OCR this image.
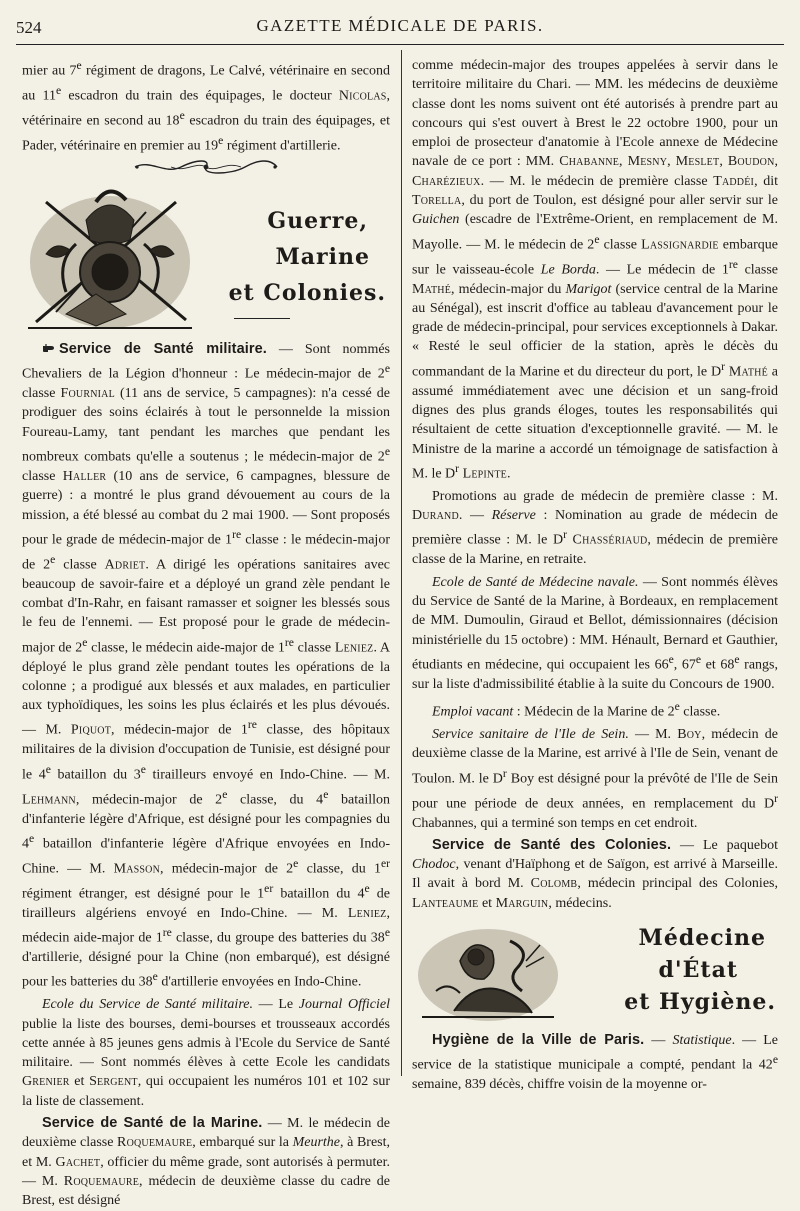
524	GAZETTE MÉDICALE DE PARIS.

mier au 7e régiment de dragons, Le Calvé, vétérinaire en second au 11e escadron du train des équipages, le docteur Nicolas, vétérinaire en second au 18e escadron du train des équipages, et Pader, vétérinaire en premier au 19e régiment d'artillerie.

Guerre,
Marine
et Colonies.

Service de Santé militaire. — Sont nommés Chevaliers de la Légion d'honneur : Le médecin-major de 2e classe Fournial (11 ans de service, 5 campagnes): n'a cessé de prodiguer des soins éclairés à tout le personnelde la mission Foureau-Lamy, tant pendant les marches que pendant les nombreux combats qu'elle a soutenus ; le médecin-major de 2e classe Haller (10 ans de service, 6 campagnes, blessure de guerre) : a montré le plus grand dévouement au cours de la mission, a été blessé au combat du 2 mai 1900. — Sont proposés pour le grade de médecin-major de 1re classe : le médecin-major de 2e classe Adriet. A dirigé les opérations sanitaires avec beaucoup de savoir-faire et a déployé un grand zèle pendant le combat d'In-Rahr, en faisant ramasser et soigner les blessés sous le feu de l'ennemi. — Est proposé pour le grade de médecin-major de 2e classe, le médecin aide-major de 1re classe Leniez. A déployé le plus grand zèle pendant toutes les opérations de la colonne ; a prodigué aux blessés et aux malades, en particulier aux typhoïdiques, les soins les plus éclairés et les plus dévoués. — M. Piquot, médecin-major de 1re classe, des hôpitaux militaires de la division d'occupation de Tunisie, est désigné pour le 4e bataillon du 3e tirailleurs envoyé en Indo-Chine. — M. Lehmann, médecin-major de 2e classe, du 4e bataillon d'infanterie légère d'Afrique, est désigné pour les compagnies du 4e bataillon d'infanterie légère d'Afrique envoyées en Indo-Chine. — M. Masson, médecin-major de 2e classe, du 1er régiment étranger, est désigné pour le 1er bataillon du 4e de tirailleurs algériens envoyé en Indo-Chine. — M. Leniez, médecin aide-major de 1re classe, du groupe des batteries du 38e d'artillerie, désigné pour la Chine (non embarqué), est désigné pour les batteries du 38e d'artillerie envoyées en Indo-Chine.

Ecole du Service de Santé militaire. — Le Journal Officiel publie la liste des bourses, demi-bourses et trousseaux accordés cette année à 85 jeunes gens admis à l'Ecole du Service de Santé militaire. — Sont nommés élèves à cette Ecole les candidats Grenier et Sergent, qui occupaient les numéros 101 et 102 sur la liste de classement.

Service de Santé de la Marine. — M. le médecin de deuxième classe Roquemaure, embarqué sur la Meurthe, à Brest, et M. Gachet, officier du même grade, sont autorisés à permuter. — M. Roquemaure, médecin de deuxième classe du cadre de Brest, est désigné

comme médecin-major des troupes appelées à servir dans le territoire militaire du Chari. — MM. les médecins de deuxième classe dont les noms suivent ont été autorisés à prendre part au concours qui s'est ouvert à Brest le 22 octobre 1900, pour un emploi de prosecteur d'anatomie à l'Ecole annexe de Médecine navale de ce port : MM. Chabanne, Mesny, Meslet, Boudon, Charézieux. — M. le médecin de première classe Taddéi, dit Torella, du port de Toulon, est désigné pour aller servir sur le Guichen (escadre de l'Extrême-Orient, en remplacement de M. Mayolle. — M. le médecin de 2e classe Lassignardie embarque sur le vaisseau-école Le Borda. — Le médecin de 1re classe Mathé, médecin-major du Marigot (service central de la Marine au Sénégal), est inscrit d'office au tableau d'avancement pour le grade de médecin-principal, pour services exceptionnels à Dakar. « Resté le seul officier de la station, après le décès du commandant de la Marine et du directeur du port, le $D^r$ Mathé a assumé immédiatement avec une décision et un sang-froid dignes des plus grands éloges, toutes les responsabilités qui résultaient de cette situation d'exceptionnelle gravité. — M. le Ministre de la marine a accordé un témoignage de satisfaction à M. le $D^r$ Lepinte.

Promotions au grade de médecin de première classe : M. Durand. — Réserve : Nomination au grade de médecin de première classe : M. le $D^r$ Chassériaud, médecin de première classe de la Marine, en retraite.

Ecole de Santé de Médecine navale. — Sont nommés élèves du Service de Santé de la Marine, à Bordeaux, en remplacement de MM. Dumoulin, Giraud et Bellot, démissionnaires (décision ministérielle du 15 octobre) : MM. Hénault, Bernard et Gauthier, étudiants en médecine, qui occupaient les 66e, 67e et 68e rangs, sur la liste d'admissibilité établie à la suite du Concours de 1900.

Emploi vacant : Médecin de la Marine de 2e classe.

Service sanitaire de l'Ile de Sein. — M. Boy, médecin de deuxième classe de la Marine, est arrivé à l'Ile de Sein, venant de Toulon. M. le $D^r$ Boy est désigné pour la prévôté de l'Ile de Sein pour une période de deux années, en remplacement du $D^r$ Chabannes, qui a terminé son temps en cet endroit.

Service de Santé des Colonies. — Le paquebot Chodoc, venant d'Haïphong et de Saïgon, est arrivé à Marseille. Il avait à bord M. Colomb, médecin principal des Colonies, Lanteaume et Marguin, médecins.

Médecine
d'État
et Hygiène.

Hygiène de la Ville de Paris. — Statistique. — Le service de la statistique municipale a compté, pendant la 42e semaine, 839 décès, chiffre voisin de la moyenne or-
